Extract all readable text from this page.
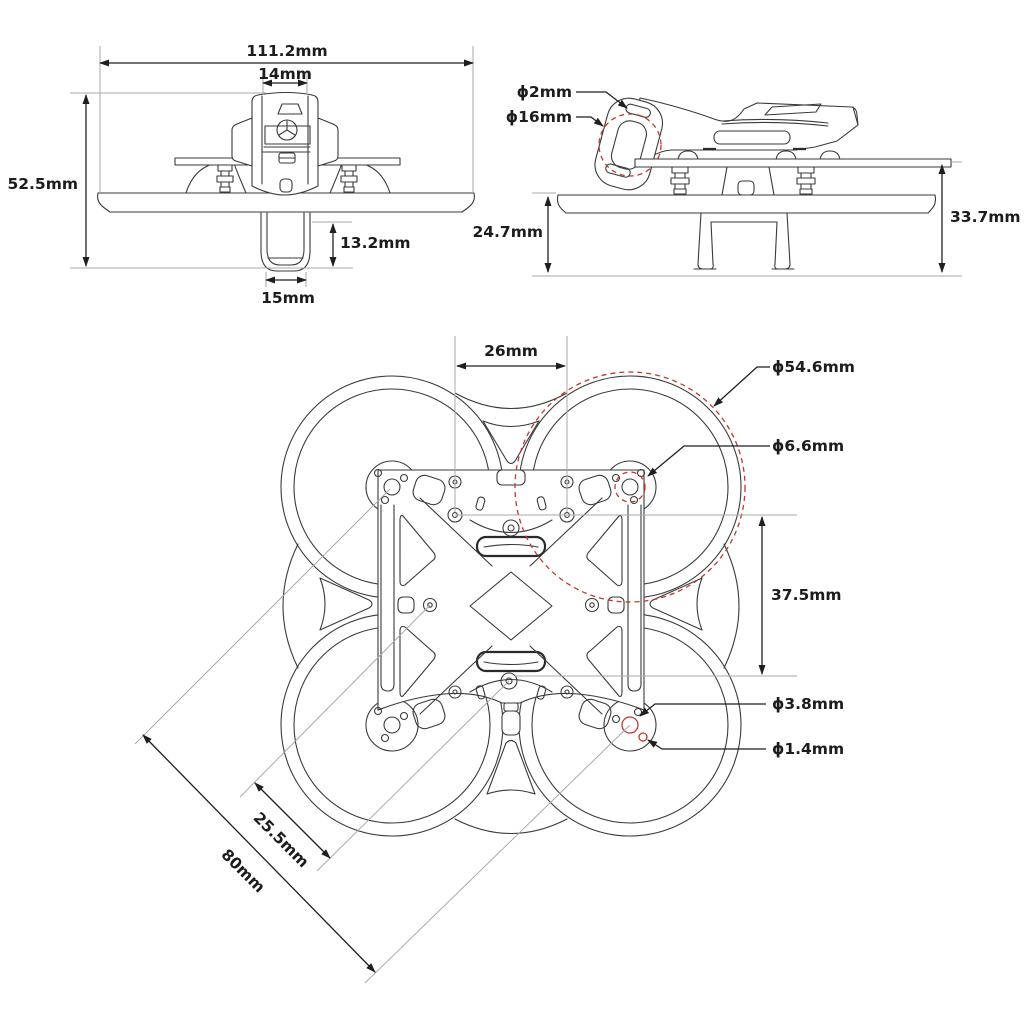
111.2mm
14mm
52.5mm
13.2mm
15mm
ϕ2mm
ϕ16mm
24.7mm
33.7mm
26mm
ϕ54.6mm
ϕ6.6mm
37.5mm
ϕ3.8mm
ϕ1.4mm
25.5mm
80mm
